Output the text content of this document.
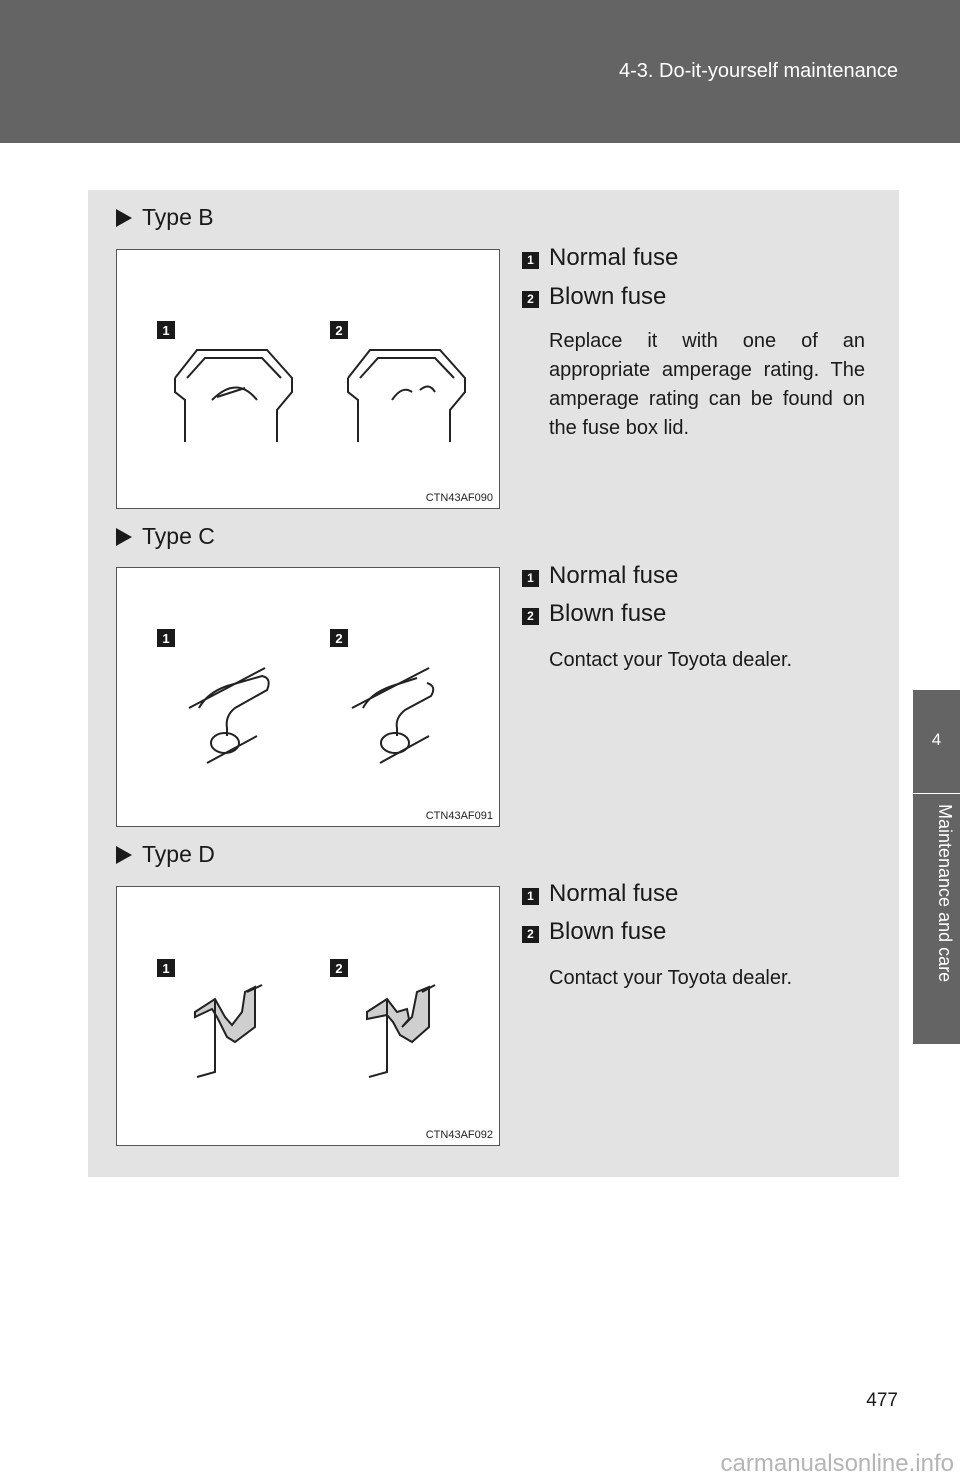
4-3. Do-it-yourself maintenance
4
Maintenance and care
Type B
1	2
CTN43AF090
1 Normal fuse
2 Blown fuse
Replace it with one of an appropriate amperage rating. The amperage rating can be found on the fuse box lid.
Type C
1	2
CTN43AF091
1 Normal fuse
2 Blown fuse
Contact your Toyota dealer.
Type D
1	2
CTN43AF092
1 Normal fuse
2 Blown fuse
Contact your Toyota dealer.
477
carmanualsonline.info
